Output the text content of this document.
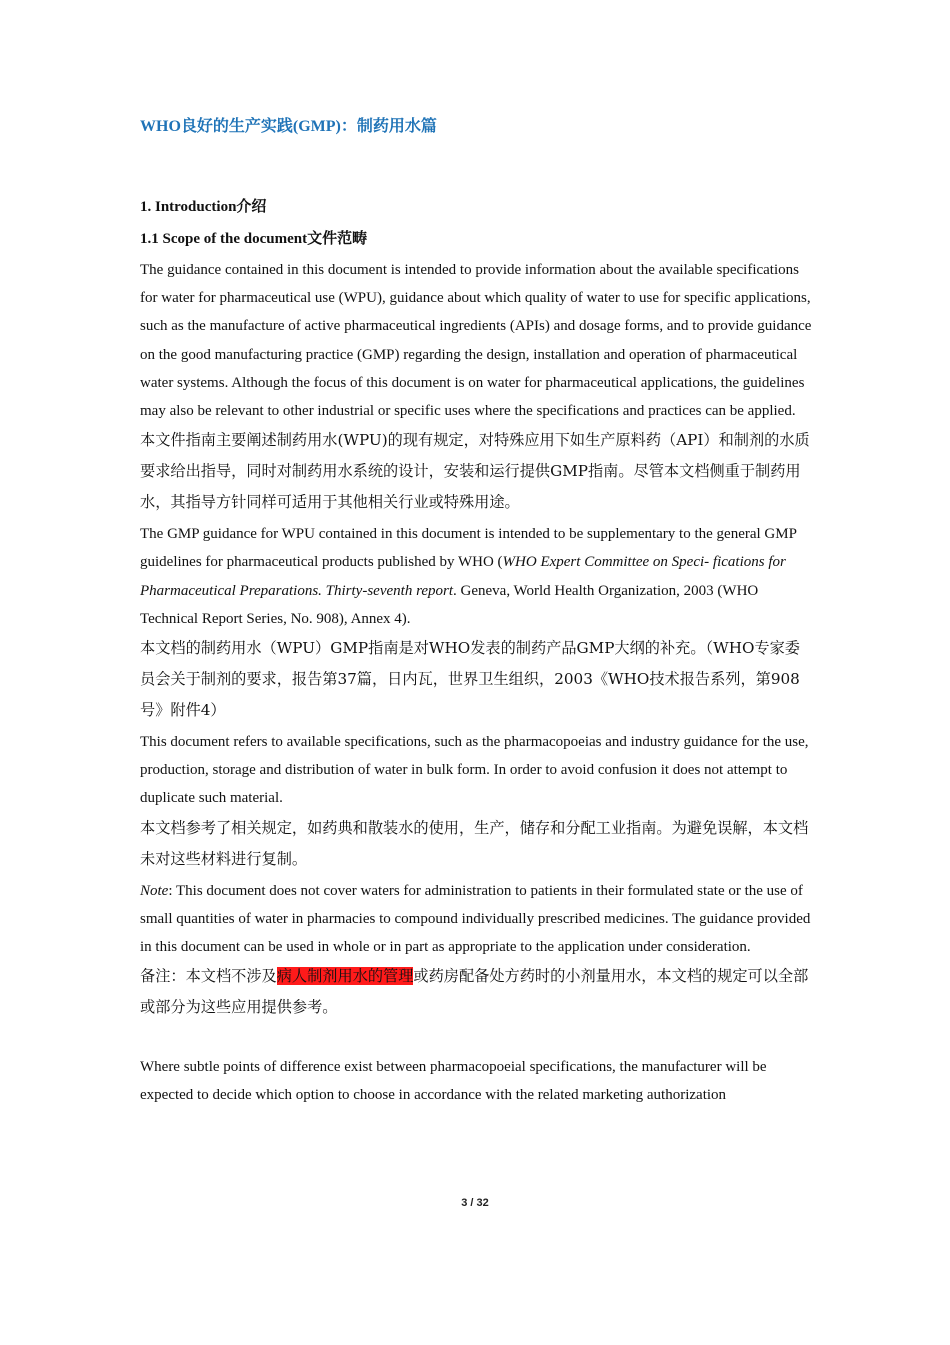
WHO良好的生产实践(GMP)：制药用水篇

1. Introduction介绍

1.1 Scope of the document文件范畴

The guidance contained in this document is intended to provide information about the available specifications for water for pharmaceutical use (WPU), guidance about which quality of water to use for specific applications, such as the manufacture of active pharmaceutical ingredients (APIs) and dosage forms, and to provide guidance on the good manufacturing practice (GMP) regarding the design, installation and operation of pharmaceutical water systems. Although the focus of this document is on water for pharmaceutical applications, the guidelines may also be relevant to other industrial or specific uses where the specifications and practices can be applied.

本文件指南主要阐述制药用水(WPU)的现有规定，对特殊应用下如生产原料药（API）和制剂的水质要求给出指导，同时对制药用水系统的设计，安装和运行提供GMP指南。尽管本文档侧重于制药用水，其指导方针同样可适用于其他相关行业或特殊用途。

The GMP guidance for WPU contained in this document is intended to be supplementary to the general GMP guidelines for pharmaceutical products published by WHO (WHO Expert Committee on Speci- fications for Pharmaceutical Preparations. Thirty-seventh report. Geneva, World Health Organization, 2003 (WHO Technical Report Series, No. 908), Annex 4).

本文档的制药用水（WPU）GMP指南是对WHO发表的制药产品GMP大纲的补充。（WHO专家委员会关于制剂的要求，报告第37篇，日内瓦，世界卫生组织，2003《WHO技术报告系列，第908号》附件4）

This document refers to available specifications, such as the pharmacopoeias and industry guidance for the use, production, storage and distribution of water in bulk form. In order to avoid confusion it does not attempt to duplicate such material.

本文档参考了相关规定，如药典和散装水的使用，生产，储存和分配工业指南。为避免误解，本文档未对这些材料进行复制。

Note: This document does not cover waters for administration to patients in their formulated state or the use of small quantities of water in pharmacies to compound individually prescribed medicines. The guidance provided in this document can be used in whole or in part as appropriate to the application under consideration.

备注：本文档不涉及病人制剂用水的管理或药房配备处方药时的小剂量用水，本文档的规定可以全部或部分为这些应用提供参考。

Where subtle points of difference exist between pharmacopoeial specifications, the manufacturer will be expected to decide which option to choose in accordance with the related marketing authorization

3 / 32
